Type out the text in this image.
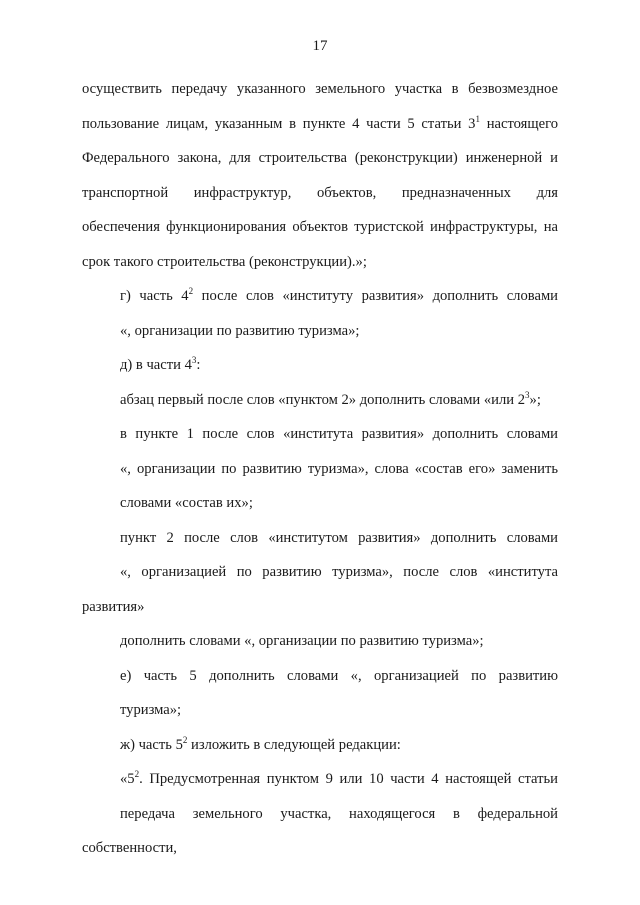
17
осуществить передачу указанного земельного участка в безвозмездное
пользование лицам, указанным в пункте 4 части 5 статьи $3^1$ настоящего
Федерального закона, для строительства (реконструкции) инженерной и
транспортной инфраструктур, объектов, предназначенных для
обеспечения функционирования объектов туристской инфраструктуры, на
срок такого строительства (реконструкции).»;
г) часть $4^2$ после слов «институту развития» дополнить словами
«, организации по развитию туризма»;
д) в части $4^3$:
абзац первый после слов «пунктом 2» дополнить словами «или $2^3$»;
в пункте 1 после слов «института развития» дополнить словами
«, организации по развитию туризма», слова «состав его» заменить
словами «состав их»;
пункт 2 после слов «институтом развития» дополнить словами
«, организацией по развитию туризма», после слов «института развития»
дополнить словами «, организации по развитию туризма»;
е) часть 5 дополнить словами «, организацией по развитию
туризма»;
ж) часть $5^2$ изложить в следующей редакции:
«$5^2$. Предусмотренная пунктом 9 или 10 части 4 настоящей статьи
передача земельного участка, находящегося в федеральной собственности,
